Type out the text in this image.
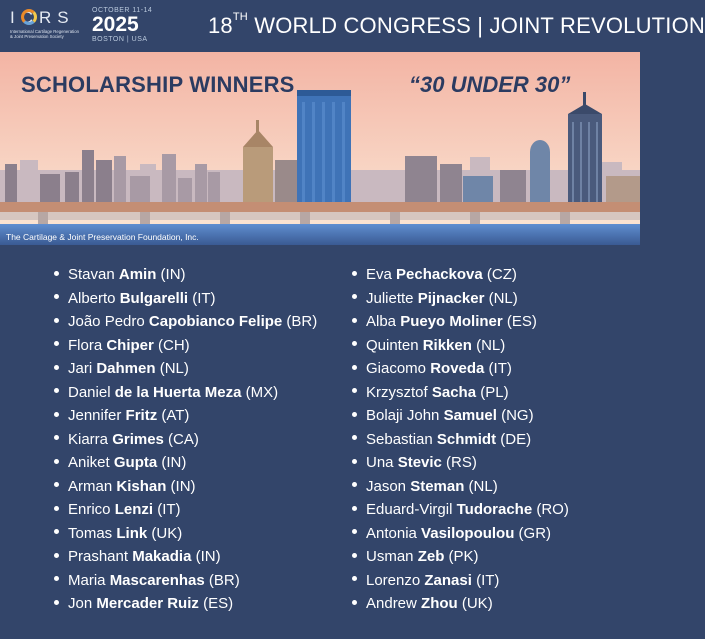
ICRS
International Cartilage Regeneration
& Joint Preservation Society
OCTOBER 11-14
2025
BOSTON | USA
18TH WORLD CONGRESS | JOINT REVOLUTION
SCHOLARSHIP WINNERS	“30 UNDER 30”
The Cartilage & Joint Preservation Foundation, Inc.
Stavan Amin (IN)
Alberto Bulgarelli (IT)
João Pedro Capobianco Felipe (BR)
Flora Chiper (CH)
Jari Dahmen (NL)
Daniel de la Huerta Meza (MX)
Jennifer Fritz (AT)
Kiarra Grimes (CA)
Aniket Gupta (IN)
Arman Kishan (IN)
Enrico Lenzi (IT)
Tomas Link (UK)
Prashant Makadia (IN)
Maria Mascarenhas (BR)
Jon Mercader Ruiz (ES)
Eva Pechackova (CZ)
Juliette Pijnacker (NL)
Alba Pueyo Moliner (ES)
Quinten Rikken (NL)
Giacomo Roveda (IT)
Krzysztof Sacha (PL)
Bolaji John Samuel (NG)
Sebastian Schmidt (DE)
Una Stevic (RS)
Jason Steman (NL)
Eduard-Virgil Tudorache (RO)
Antonia Vasilopoulou (GR)
Usman Zeb (PK)
Lorenzo Zanasi (IT)
Andrew Zhou (UK)
